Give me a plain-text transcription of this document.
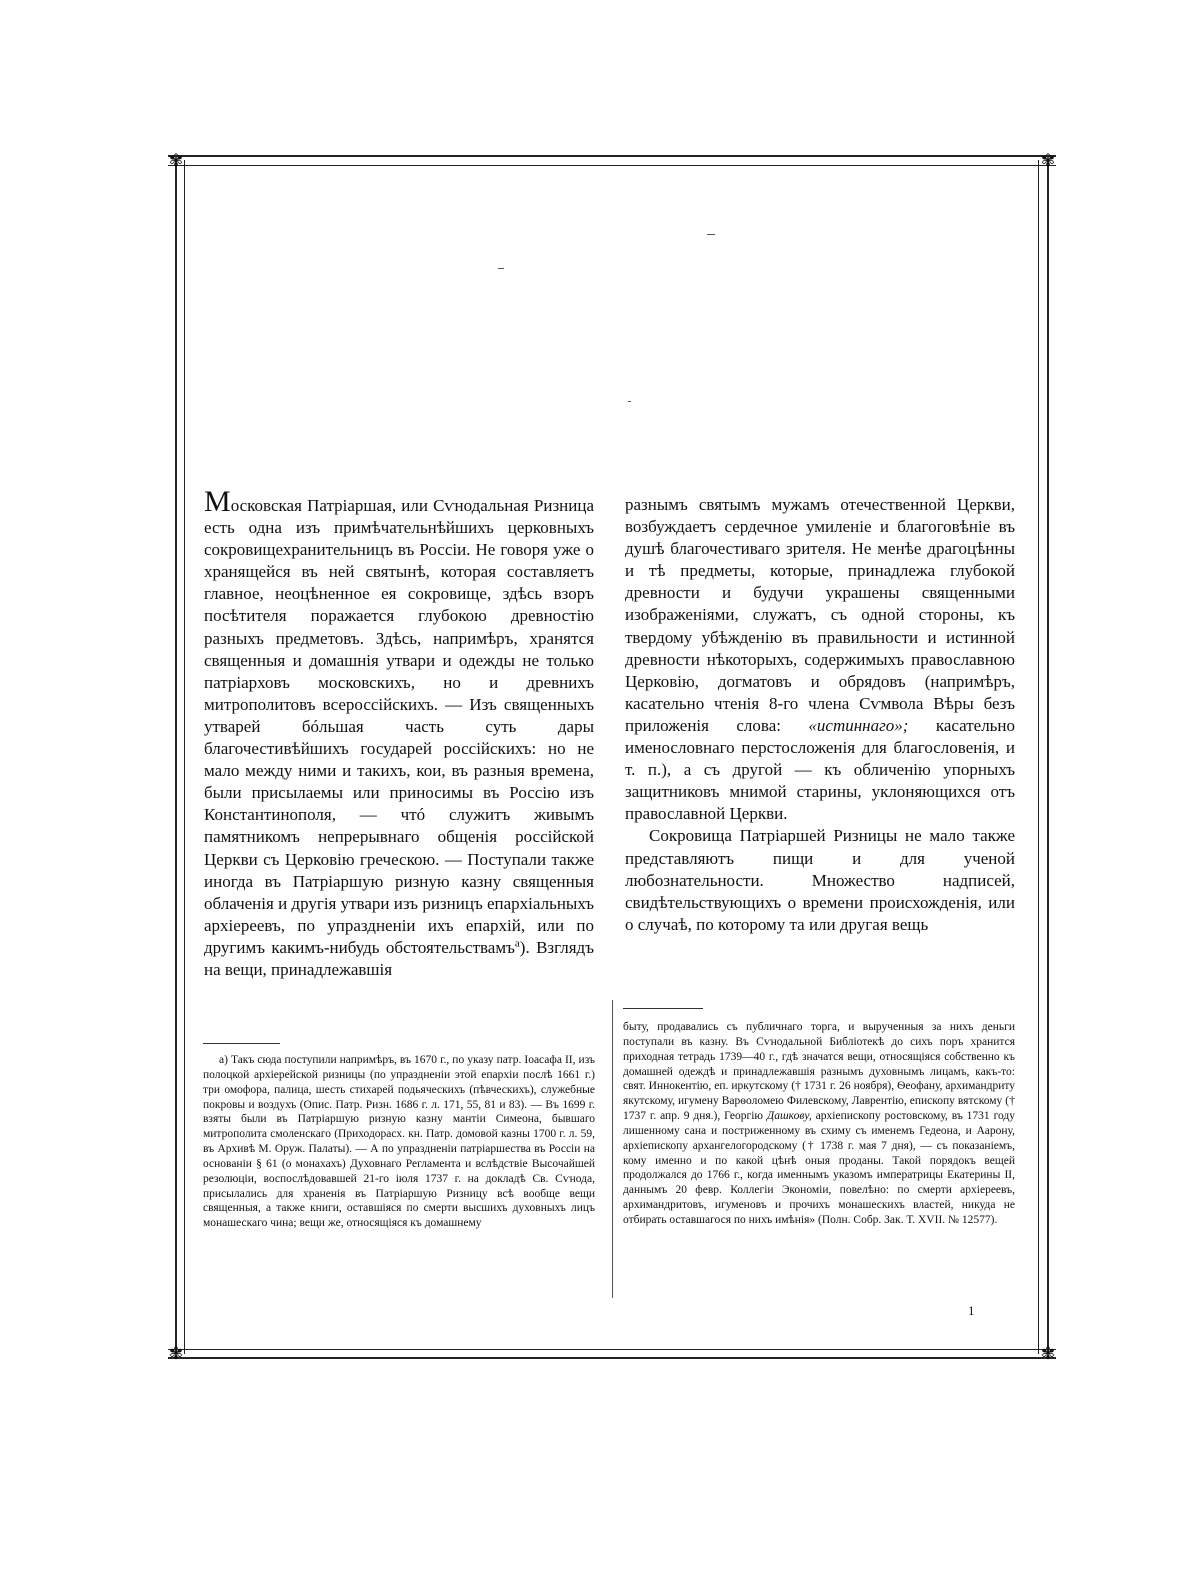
✾	✾
✾	✾

Московская Патріаршая, или Сѵнодальная Ризница есть одна изъ примѣчательнѣйшихъ церковныхъ сокровищехранительницъ въ Россіи. Не говоря уже о хранящейся въ ней святынѣ, которая составляетъ главное, неоцѣненное ея сокровище, здѣсь взоръ посѣтителя поражается глубокою древностію разныхъ предметовъ. Здѣсь, напримѣръ, хранятся священныя и домашнія утвари и одежды не только патріарховъ московскихъ, но и древнихъ митрополитовъ всероссійскихъ. — Изъ священныхъ утварей бóльшая часть суть дары благочестивѣйшихъ государей россійскихъ: но не мало между ними и такихъ, кои, въ разныя времена, были присылаемы или приносимы въ Россію изъ Константинополя, — чтó служитъ живымъ памятникомъ непрерывнаго общенія россійской Церкви съ Церковію греческою. — Поступали также иногда въ Патріаршую ризную казну священныя облаченія и другія утвари изъ ризницъ епархіальныхъ архіереевъ, по упраздненіи ихъ епархій, или по другимъ какимъ-нибудь обстоятельствамъ$^а$). Взглядъ на вещи, принадлежавшія

разнымъ святымъ мужамъ отечественной Церкви, возбуждаетъ сердечное умиленіе и благоговѣніе въ душѣ благочестиваго зрителя. Не менѣе драгоцѣнны и тѣ предметы, которые, принадлежа глубокой древности и будучи украшены священными изображеніями, служатъ, съ одной стороны, къ твердому убѣжденію въ правильности и истинной древности нѣкоторыхъ, содержимыхъ православною Церковію, догматовъ и обрядовъ (напримѣръ, касательно чтенія 8-го члена Сѵмвола Вѣры безъ приложенія слова: «истиннаго»; касательно именословнаго перстосложенія для благословенія, и т. п.), а съ другой — къ обличенію упорныхъ защитниковъ мнимой старины, уклоняющихся отъ православной Церкви.

Сокровища Патріаршей Ризницы не мало также представляютъ пищи и для ученой любознательности. Множество надписей, свидѣтельствующихъ о времени происхожденія, или о случаѣ, по которому та или другая вещь

а) Такъ сюда поступили напримѣръ, въ 1670 г., по указу патр. Іоасафа II, изъ полоцкой архіерейской ризницы (по упраздненіи этой епархіи послѣ 1661 г.) три омофора, палица, шесть стихарей подьяческихъ (пѣвческихъ), служебные покровы и воздухъ (Опис. Патр. Ризн. 1686 г. л. 171, 55, 81 и 83). — Въ 1699 г. взяты были въ Патріаршую ризную казну мантіи Симеона, бывшаго митрополита смоленскаго (Приходорасх. кн. Патр. домовой казны 1700 г. л. 59, въ Архивѣ М. Оруж. Палаты). — А по упраздненіи патріаршества въ Россіи на основаніи § 61 (о монахахъ) Духовнаго Регламента и вслѣдствіе Высочайшей резолюціи, воспослѣдовавшей 21-го іюля 1737 г. на докладѣ Св. Сѵнода, присылались для храненія въ Патріаршую Ризницу всѣ вообще вещи священныя, а также книги, оставшіяся по смерти высшихъ духовныхъ лицъ монашескаго чина; вещи же, относящіяся къ домашнему
быту, продавались съ публичнаго торга, и вырученныя за нихъ деньги поступали въ казну. Въ Сѵнодальной Библіотекѣ до сихъ поръ хранится приходная тетрадь 1739—40 г., гдѣ значатся вещи, относящіяся собственно къ домашней одеждѣ и принадлежавшія разнымъ духовнымъ лицамъ, какъ-то: свят. Иннокентію, еп. иркутскому († 1731 г. 26 ноября), Ѳеофану, архимандриту якутскому, игумену Варѳоломею Филевскому, Лаврентію, епископу вятскому († 1737 г. апр. 9 дня.), Георгію Дашкову, архіепископу ростовскому, въ 1731 году лишенному сана и постриженному въ схиму съ именемъ Гедеона, и Аарону, архіепископу архангелогородскому († 1738 г. мая 7 дня), — съ показаніемъ, кому именно и по какой цѣнѣ оныя проданы. Такой порядокъ вещей продолжался до 1766 г., когда именнымъ указомъ императрицы Екатерины II, даннымъ 20 февр. Коллегіи Экономіи, повелѣно: по смерти архіереевъ, архимандритовъ, игуменовъ и прочихъ монашескихъ властей, никуда не отбирать оставшагося по нихъ имѣнія» (Полн. Собр. Зак. Т. XVII. № 12577).
1
